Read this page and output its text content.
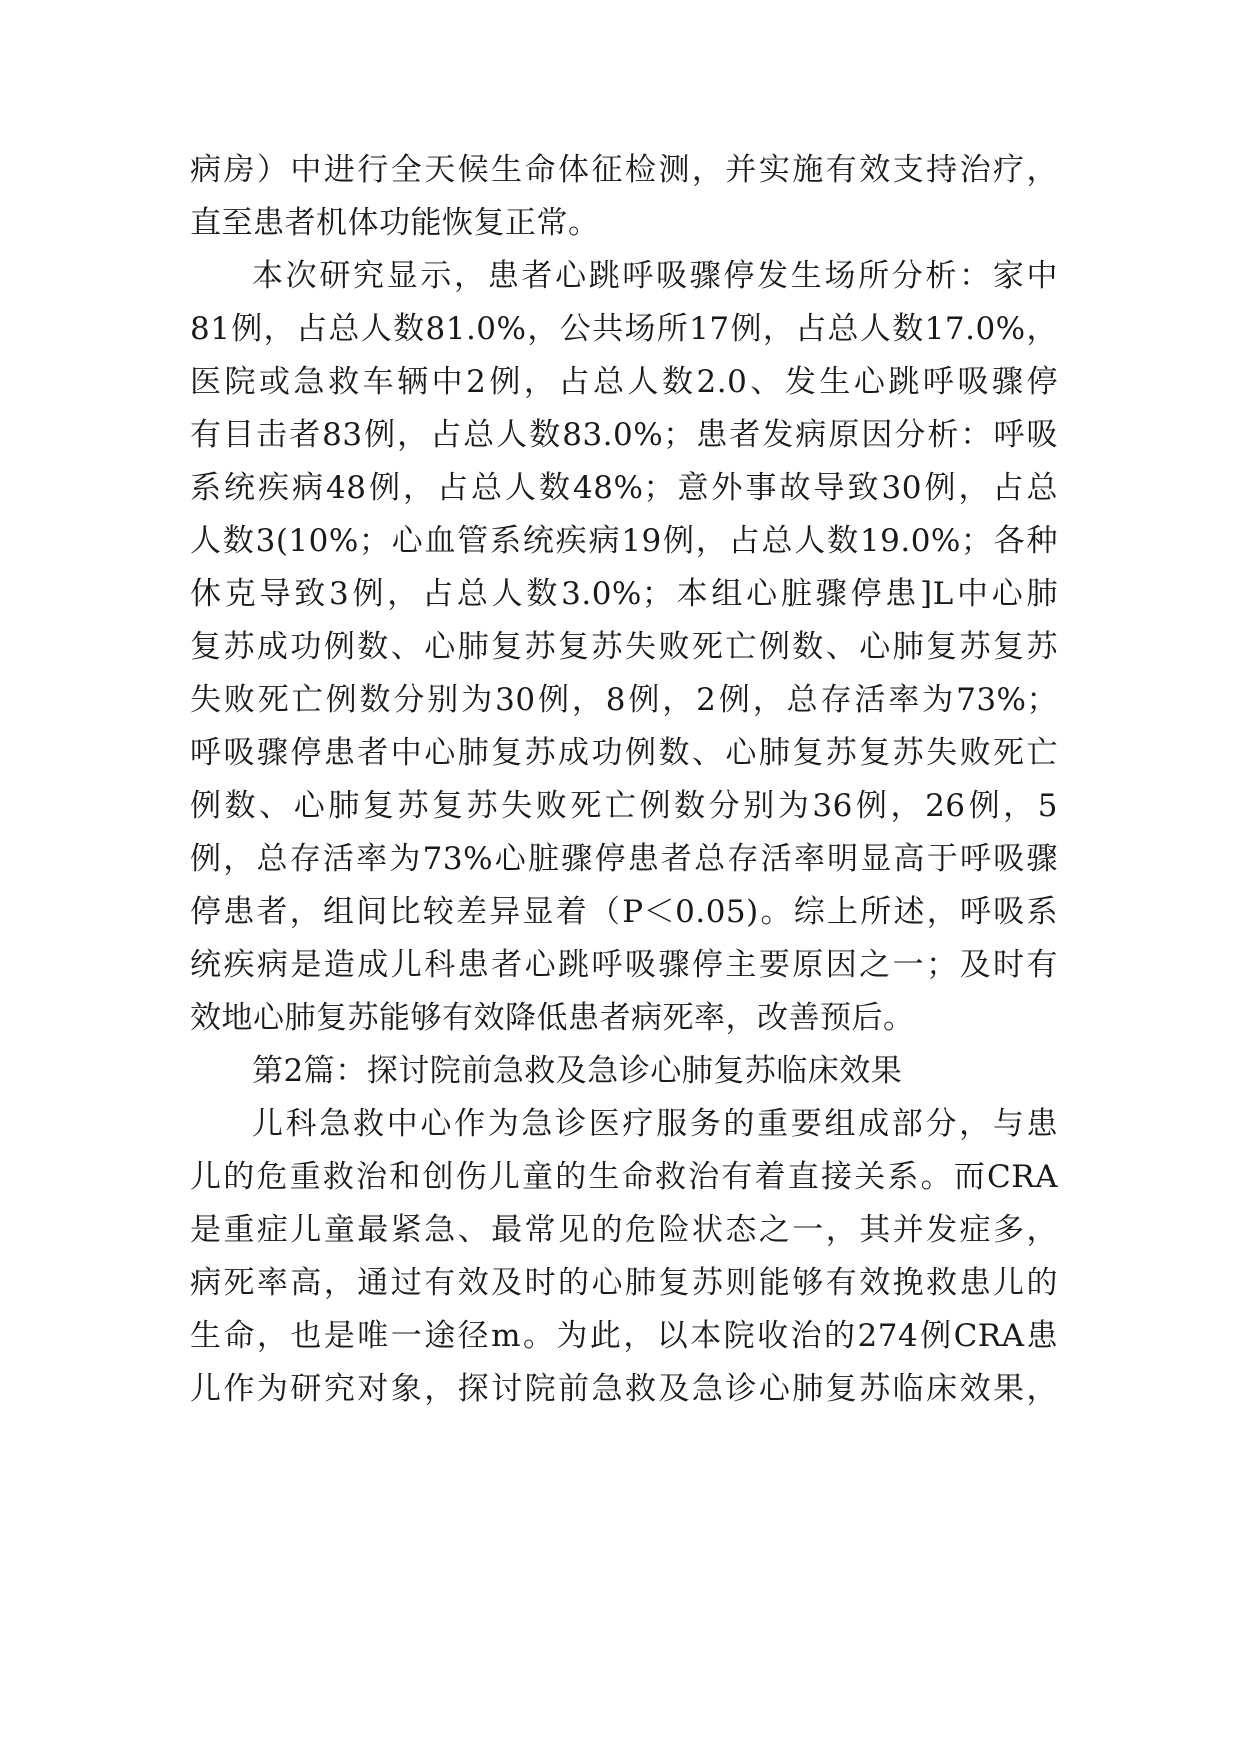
病房）中进行全天候生命体征检测，并实施有效支持治疗，

直至患者机体功能恢复正常。

本次研究显示，患者心跳呼吸骤停发生场所分析：家中

81例，占总人数81.0%，公共场所17例，占总人数17.0%，

医院或急救车辆中2例，占总人数2.0、发生心跳呼吸骤停

有目击者83例，占总人数83.0%；患者发病原因分析：呼吸

系统疾病48例，占总人数48%；意外事故导致30例，占总

人数3(10%；心血管系统疾病19例，占总人数19.0%；各种

休克导致3例，占总人数3.0%；本组心脏骤停患]L中心肺

复苏成功例数、心肺复苏复苏失败死亡例数、心肺复苏复苏

失败死亡例数分别为30例，8例，2例，总存活率为73%；

呼吸骤停患者中心肺复苏成功例数、心肺复苏复苏失败死亡

例数、心肺复苏复苏失败死亡例数分别为36例，26例，5

例，总存活率为73%心脏骤停患者总存活率明显高于呼吸骤

停患者，组间比较差异显着（P＜0.05)。综上所述，呼吸系

统疾病是造成儿科患者心跳呼吸骤停主要原因之一；及时有

效地心肺复苏能够有效降低患者病死率，改善预后。

第2篇：探讨院前急救及急诊心肺复苏临床效果

儿科急救中心作为急诊医疗服务的重要组成部分，与患

儿的危重救治和创伤儿童的生命救治有着直接关系。而CRA

是重症儿童最紧急、最常见的危险状态之一，其并发症多，

病死率高，通过有效及时的心肺复苏则能够有效挽救患儿的

生命，也是唯一途径m。为此，以本院收治的274例CRA患

儿作为研究对象，探讨院前急救及急诊心肺复苏临床效果，
